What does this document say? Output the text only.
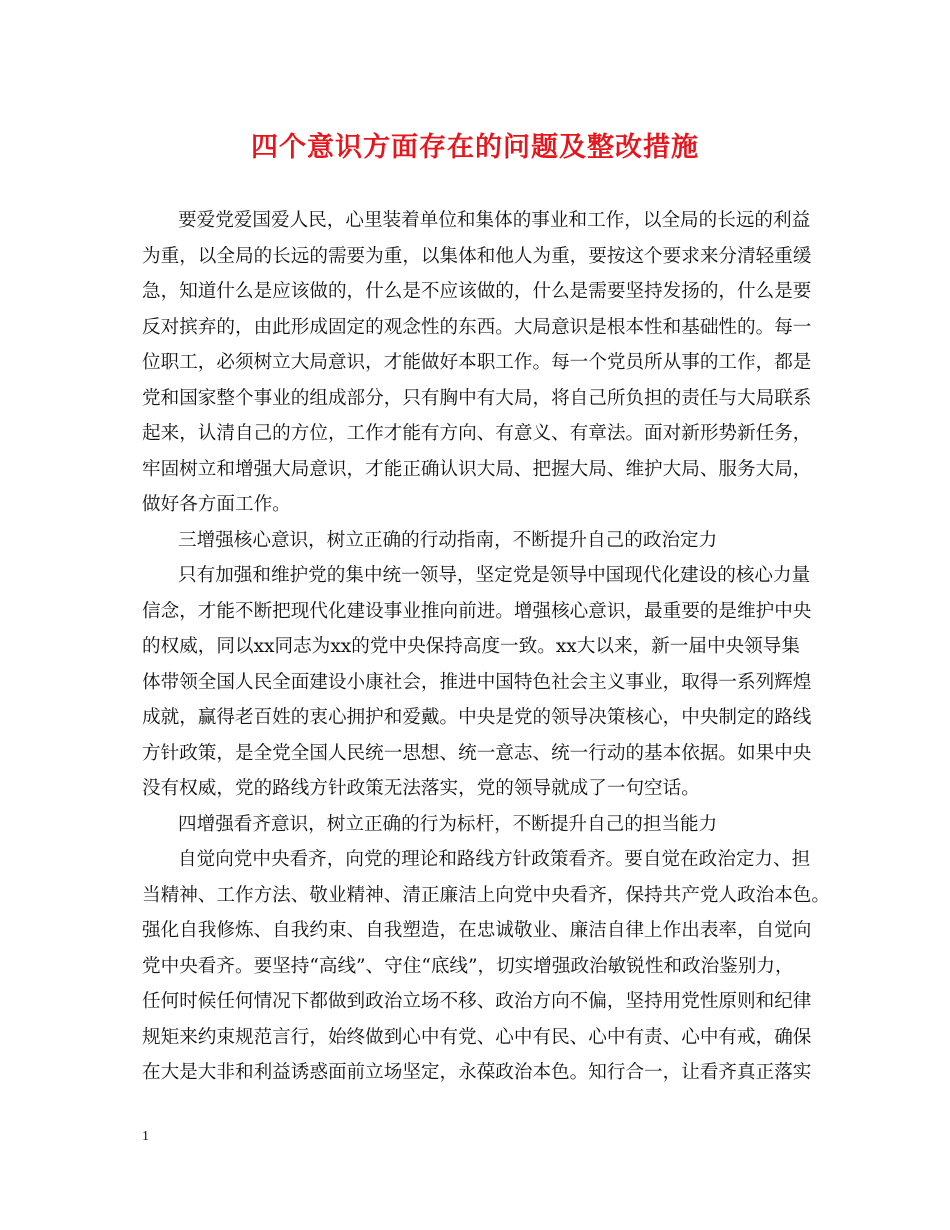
四个意识方面存在的问题及整改措施
要爱党爱国爱人民，心里装着单位和集体的事业和工作，以全局的长远的利益
为重，以全局的长远的需要为重，以集体和他人为重，要按这个要求来分清轻重缓
急，知道什么是应该做的，什么是不应该做的，什么是需要坚持发扬的，什么是要
反对摈弃的，由此形成固定的观念性的东西。大局意识是根本性和基础性的。每一
位职工，必须树立大局意识，才能做好本职工作。每一个党员所从事的工作，都是
党和国家整个事业的组成部分，只有胸中有大局，将自己所负担的责任与大局联系
起来，认清自己的方位，工作才能有方向、有意义、有章法。面对新形势新任务，
牢固树立和增强大局意识，才能正确认识大局、把握大局、维护大局、服务大局，
做好各方面工作。
三增强核心意识，树立正确的行动指南，不断提升自己的政治定力
只有加强和维护党的集中统一领导，坚定党是领导中国现代化建设的核心力量
信念，才能不断把现代化建设事业推向前进。增强核心意识，最重要的是维护中央
的权威，同以xx同志为xx的党中央保持高度一致。xx大以来，新一届中央领导集
体带领全国人民全面建设小康社会，推进中国特色社会主义事业，取得一系列辉煌
成就，赢得老百姓的衷心拥护和爱戴。中央是党的领导决策核心，中央制定的路线
方针政策，是全党全国人民统一思想、统一意志、统一行动的基本依据。如果中央
没有权威，党的路线方针政策无法落实，党的领导就成了一句空话。
四增强看齐意识，树立正确的行为标杆，不断提升自己的担当能力
自觉向党中央看齐，向党的理论和路线方针政策看齐。要自觉在政治定力、担
当精神、工作方法、敬业精神、清正廉洁上向党中央看齐，保持共产党人政治本色。
强化自我修炼、自我约束、自我塑造，在忠诚敬业、廉洁自律上作出表率，自觉向
党中央看齐。要坚持“高线”、守住“底线”，切实增强政治敏锐性和政治鉴别力，
任何时候任何情况下都做到政治立场不移、政治方向不偏，坚持用党性原则和纪律
规矩来约束规范言行，始终做到心中有党、心中有民、心中有责、心中有戒，确保
在大是大非和利益诱惑面前立场坚定，永葆政治本色。知行合一，让看齐真正落实
1
